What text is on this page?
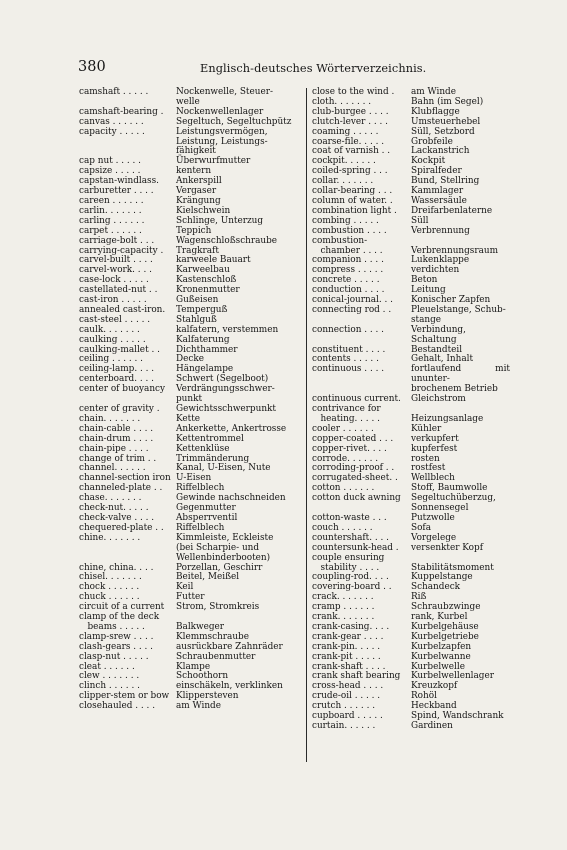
380	Englisch-deutsches Wörterverzeichnis.
camshaft . . . . .	Nockenwelle, Steuer-
welle
camshaft-bearing .	Nockenwellenlager
canvas . . . . . .	Segeltuch, Segeltuchpütz
capacity . . . . .	Leistungsvermögen,
Leistung, Leistungs-
fähigkeit
cap nut . . . . .	Überwurfmutter
capsize . . . . .	kentern
capstan-windlass.	Ankerspill
carburetter . . . .	Vergaser
careen . . . . . .	Krängung
carlin. . . . . . .	Kielschwein
carling . . . . . .	Schlinge, Unterzug
carpet . . . . . .	Teppich
carriage-bolt . . .	Wagenschloßschraube
carrying-capacity .	Tragkraft
carvel-built . . . .	karweele Bauart
carvel-work. . . .	Karweelbau
case-lock . . . . .	Kastenschloß
castellated-nut . .	Kronenmutter
cast-iron . . . . .	Gußeisen
annealed cast-iron.	Temperguß
cast-steel . . . . .	Stahlguß
caulk. . . . . . .	kalfatern, verstemmen
caulking . . . . .	Kalfaterung
caulking-mallet . .	Dichthammer
ceiling . . . . . .	Decke
ceiling-lamp. . . .	Hängelampe
centerboard. . . .	Schwert (Segelboot)
center of buoyancy	Verdrängungsschwer-
punkt
center of gravity .	Gewichtsschwerpunkt
chain. . . . . . .	Kette
chain-cable . . . .	Ankerkette, Ankertrosse
chain-drum . . . .	Kettentrommel
chain-pipe . . . .	Kettenklüse
change of trim . .	Trimmänderung
channel. . . . . .	Kanal, U-Eisen, Nute
channel-section iron U-Eisen
channeled-plate . .	Riffelblech
chase. . . . . . .	Gewinde nachschneiden
check-nut. . . . .	Gegenmutter
check-valve . . . .	Absperrventil
chequered-plate . .	Riffelblech
chine. . . . . . .	Kimmleiste, Eckleiste
(bei Scharpie- und
Wellenbinderbooten)
chine, china. . . .	Porzellan, Geschirr
chisel. . . . . . .	Beitel, Meißel
chock . . . . . .	Keil
chuck . . . . . .	Futter
circuit of a current	Strom, Stromkreis
clamp of the deck
beams . . . . .	Balkweger
clamp-srew . . . .	Klemmschraube
clash-gears . . . .	ausrückbare Zahnräder
clasp-nut . . . . .	Schraubenmutter
cleat . . . . . .	Klampe
clew . . . . . . .	Schoothorn
clinch . . . . . .	einschäkeln, verklinken
clipper-stem or bow Klippersteven
closehauled . . . .	am Winde
close to the wind .	am Winde
cloth. . . . . . .	Bahn (im Segel)
club-burgee . . . .	Klubflagge
clutch-lever . . . .	Umsteuerhebel
coaming . . . . .	Süll, Setzbord
coarse-file. . . . .	Grobfeile
coat of varnish . .	Lackanstrich
cockpit. . . . . .	Kockpit
coiled-spring . . .	Spiralfeder
collar. . . . . . .	Bund, Stellring
collar-bearing . . .	Kammlager
column of water. .	Wassersäule
combination light .	Dreifarbenlaterne
combing . . . . .	Süll
combustion . . . .	Verbrennung
combustion-
chamber . . . .	Verbrennungsraum
companion . . . .	Lukenklappe
compress . . . . .	verdichten
concrete . . . . .	Beton
conduction . . . .	Leitung
conical-journal. . .	Konischer Zapfen
connecting rod . .	Pleuelstange, Schub-
stange
connection . . . .	Verbindung, Schaltung
constituent . . . .	Bestandteil
contents . . . . .	Gehalt, Inhalt
continuous . . . .	fortlaufend mit ununter-
brochenem Betrieb
continuous current.	Gleichstrom
contrivance for
heating. . . . .	Heizungsanlage
cooler . . . . . .	Kühler
copper-coated . . .	verkupfert
copper-rivet. . . .	kupferfest
corrode. . . . . .	rosten
corroding-proof . .	rostfest
corrugated-sheet. .	Wellblech
cotton . . . . . .	Stoff, Baumwolle
cotton duck awning	Segeltuchüberzug,
Sonnensegel
cotton-waste . . .	Putzwolle
couch . . . . . .	Sofa
countershaft. . . .	Vorgelege
countersunk-head .	versenkter Kopf
couple ensuring
stability . . . .	Stabilitätsmoment
coupling-rod. . . .	Kuppelstange
covering-board . .	Schandeck
crack. . . . . . .	Riß
cramp . . . . . .	Schraubzwinge
crank. . . . . . .	rank, Kurbel
crank-casing. . . .	Kurbelgehäuse
crank-gear . . . .	Kurbelgetriebe
crank-pin. . . . .	Kurbelzapfen
crank-pit . . . . .	Kurbelwanne
crank-shaft . . . .	Kurbelwelle
crank shaft bearing	Kurbelwellenlager
cross-head . . . .	Kreuzkopf
crude-oil . . . . .	Rohöl
crutch . . . . . .	Heckband
cupboard . . . . .	Spind, Wandschrank
curtain. . . . . .	Gardinen
